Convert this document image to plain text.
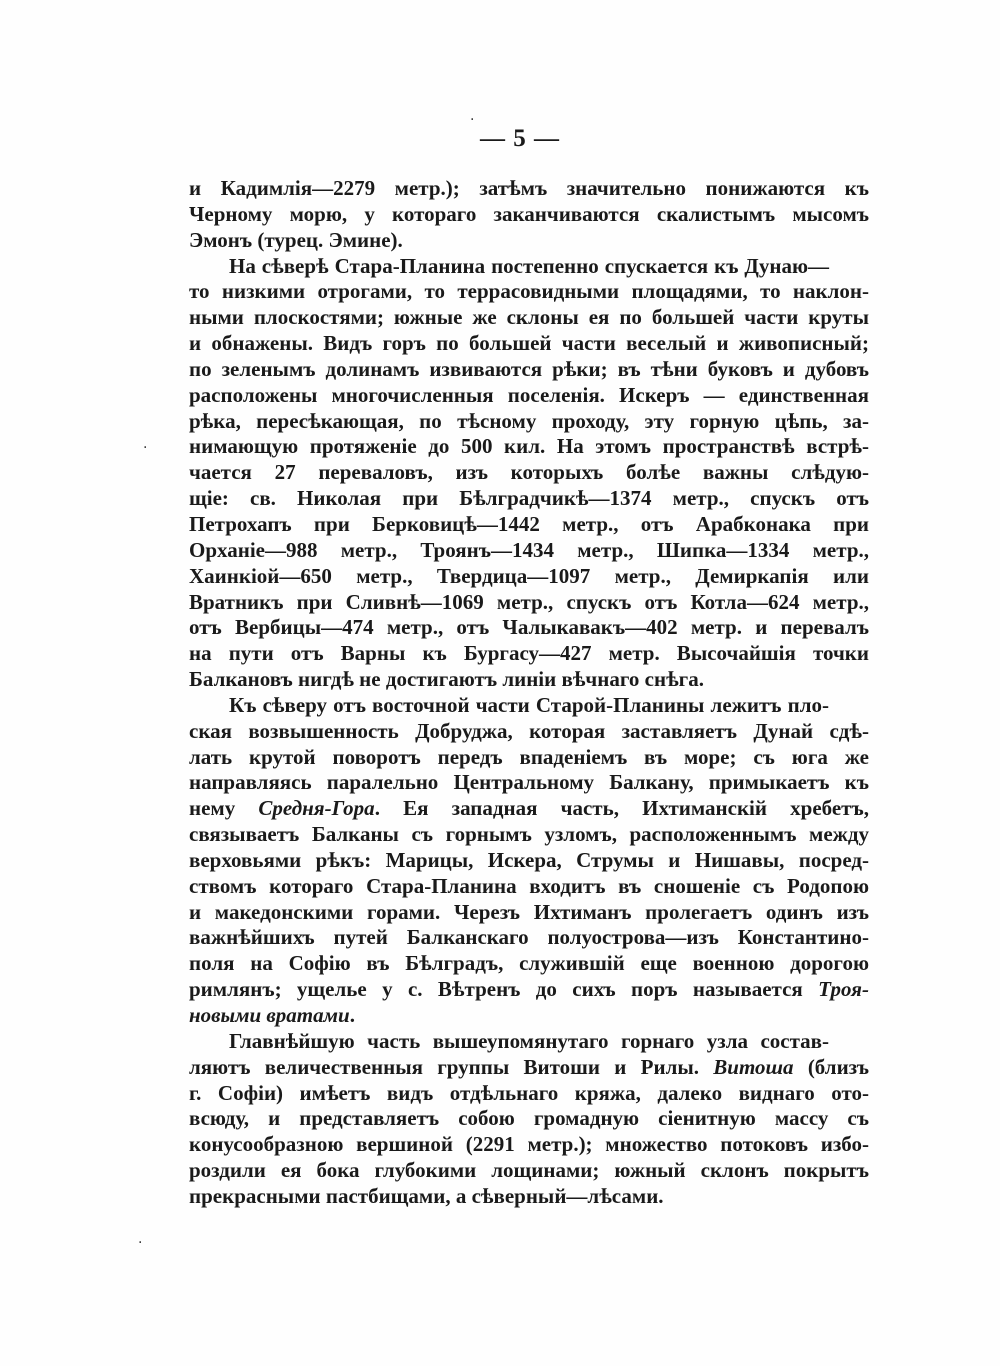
— 5 —
и Кадимлія—2279 метр.); затѣмъ значительно понижаются къ
Черному морю, у котораго заканчиваются скалистымъ мысомъ
Эмонъ (турец. Эмине).
На сѣверѣ Стара-Планина постепенно спускается къ Дунаю—
то низкими отрогами, то террасовидными площадями, то наклон-
ными плоскостями; южные же склоны ея по большей части круты
и обнажены. Видъ горъ по большей части веселый и живописный;
по зеленымъ долинамъ извиваются рѣки; въ тѣни буковъ и дубовъ
расположены многочисленныя поселенія. Искеръ — единственная
рѣка, пересѣкающая, по тѣсному проходу, эту горную цѣпь, за-
нимающую протяженіе до 500 кил. На этомъ пространствѣ встрѣ-
чается 27 переваловъ, изъ которыхъ болѣе важны слѣдую-
щіе: св. Николая при Бѣлградчикѣ—1374 метр., спускъ отъ
Петрохапъ при Берковицѣ—1442 метр., отъ Арабконака при
Орханіе—988 метр., Троянъ—1434 метр., Шипка—1334 метр.,
Хаинкіой—650 метр., Твердица—1097 метр., Демиркапія или
Вратникъ при Сливнѣ—1069 метр., спускъ отъ Котла—624 метр.,
отъ Вербицы—474 метр., отъ Чалыкавакъ—402 метр. и перевалъ
на пути отъ Варны къ Бургасу—427 метр. Высочайшія точки
Балкановъ нигдѣ не достигаютъ линіи вѣчнаго снѣга.
Къ сѣверу отъ восточной части Старой-Планины лежитъ пло-
ская возвышенность Добруджа, которая заставляетъ Дунай сдѣ-
лать крутой поворотъ передъ впаденіемъ въ море; съ юга же
направляясь паралельно Центральному Балкану, примыкаетъ къ
нему Средня-Гора. Ея западная часть, Ихтиманскій хребетъ,
связываетъ Балканы съ горнымъ узломъ, расположеннымъ между
верховьями рѣкъ: Марицы, Искера, Струмы и Нишавы, посред-
ствомъ котораго Стара-Планина входитъ въ сношеніе съ Родопою
и македонскими горами. Черезъ Ихтиманъ пролегаетъ одинъ изъ
важнѣйшихъ путей Балканскаго полуострова—изъ Константино-
поля на Софію въ Бѣлградъ, служившій еще военною дорогою
римлянъ; ущелье у с. Вѣтренъ до сихъ поръ называется Троя-
новыми вратами.
Главнѣйшую часть вышеупомянутаго горнаго узла состав-
ляютъ величественныя группы Витоши и Рилы. Витоша (близъ
г. Софіи) имѣетъ видъ отдѣльнаго кряжа, далеко виднаго ото-
всюду, и представляетъ собою громадную сіенитную массу съ
конусообразною вершиной (2291 метр.); множество потоковъ избо-
роздили ея бока глубокими лощинами; южный склонъ покрытъ
прекрасными пастбищами, а сѣверный—лѣсами.
·
·
·
